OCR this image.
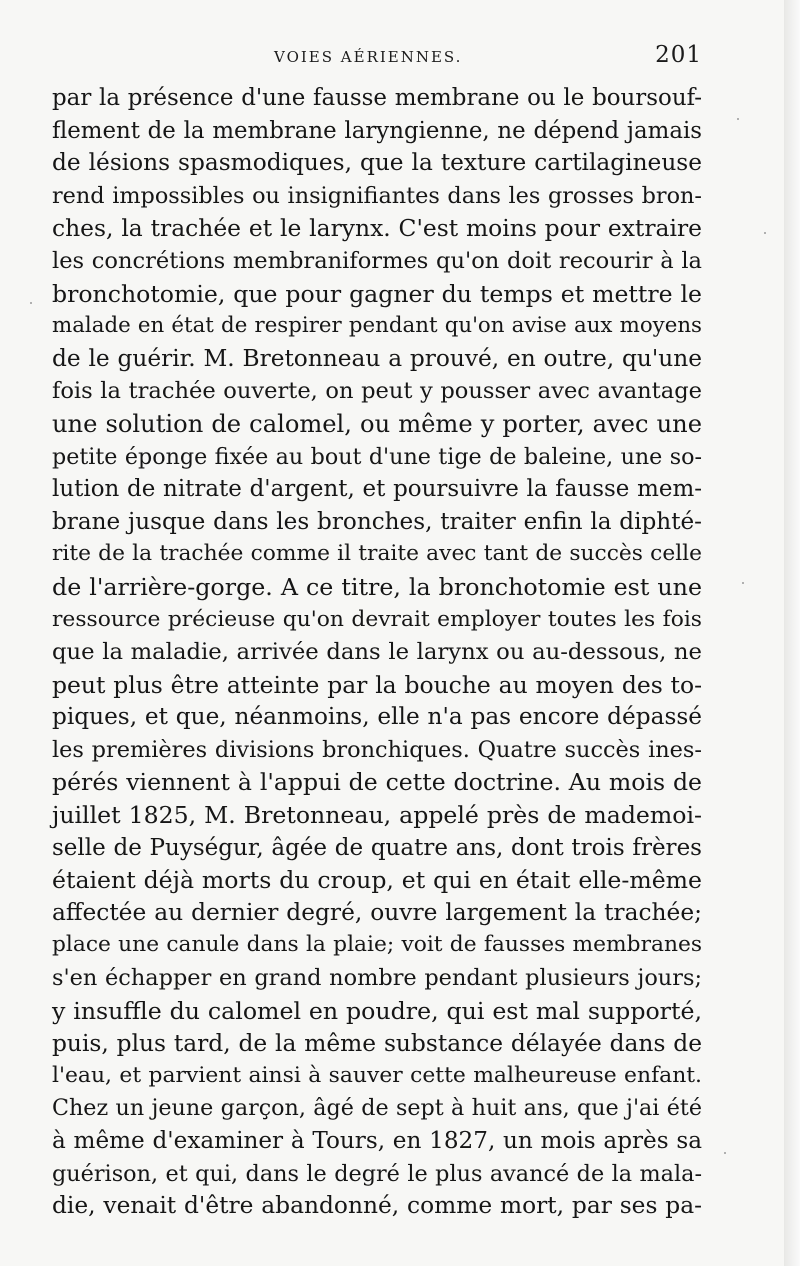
VOIES AÉRIENNES.	201
par la présence d'une fausse membrane ou le boursouf-
flement de la membrane laryngienne, ne dépend jamais
de lésions spasmodiques, que la texture cartilagineuse
rend impossibles ou insignifiantes dans les grosses bron-
ches, la trachée et le larynx. C'est moins pour extraire
les concrétions membraniformes qu'on doit recourir à la
bronchotomie, que pour gagner du temps et mettre le
malade en état de respirer pendant qu'on avise aux moyens
de le guérir. M. Bretonneau a prouvé, en outre, qu'une
fois la trachée ouverte, on peut y pousser avec avantage
une solution de calomel, ou même y porter, avec une
petite éponge fixée au bout d'une tige de baleine, une so-
lution de nitrate d'argent, et poursuivre la fausse mem-
brane jusque dans les bronches, traiter enfin la diphté-
rite de la trachée comme il traite avec tant de succès celle
de l'arrière-gorge. A ce titre, la bronchotomie est une
ressource précieuse qu'on devrait employer toutes les fois
que la maladie, arrivée dans le larynx ou au-dessous, ne
peut plus être atteinte par la bouche au moyen des to-
piques, et que, néanmoins, elle n'a pas encore dépassé
les premières divisions bronchiques. Quatre succès ines-
pérés viennent à l'appui de cette doctrine. Au mois de
juillet 1825, M. Bretonneau, appelé près de mademoi-
selle de Puységur, âgée de quatre ans, dont trois frères
étaient déjà morts du croup, et qui en était elle-même
affectée au dernier degré, ouvre largement la trachée;
place une canule dans la plaie; voit de fausses membranes
s'en échapper en grand nombre pendant plusieurs jours;
y insuffle du calomel en poudre, qui est mal supporté,
puis, plus tard, de la même substance délayée dans de
l'eau, et parvient ainsi à sauver cette malheureuse enfant.
Chez un jeune garçon, âgé de sept à huit ans, que j'ai été
à même d'examiner à Tours, en 1827, un mois après sa
guérison, et qui, dans le degré le plus avancé de la mala-
die, venait d'être abandonné, comme mort, par ses pa-
